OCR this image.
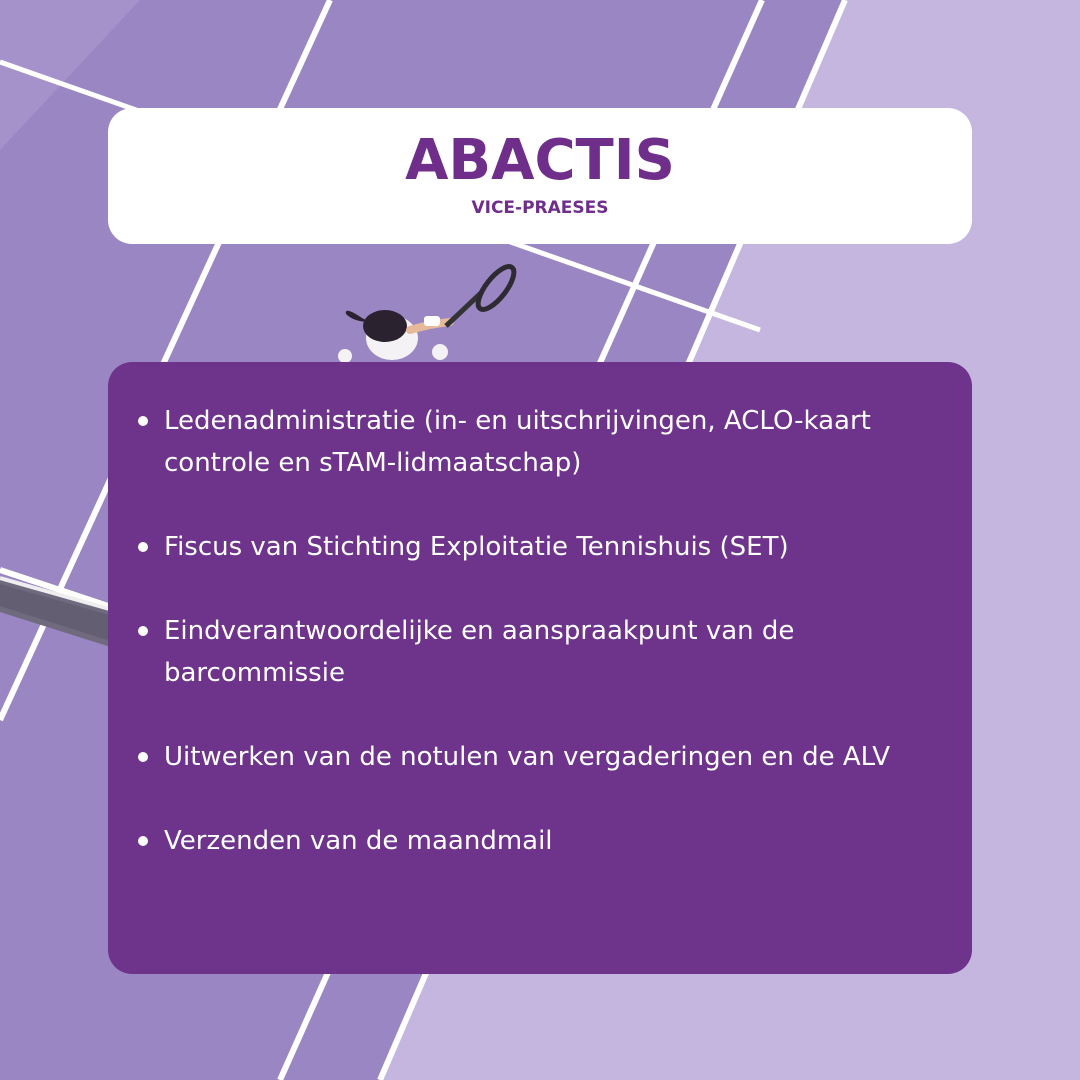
ABACTIS
VICE-PRAESES
Ledenadministratie (in- en uitschrijvingen, ACLO-kaart controle en sTAM-lidmaatschap)
Fiscus van Stichting Exploitatie Tennishuis (SET)
Eindverantwoordelijke en aanspraakpunt van de barcommissie
Uitwerken van de notulen van vergaderingen en de ALV
Verzenden van de maandmail
